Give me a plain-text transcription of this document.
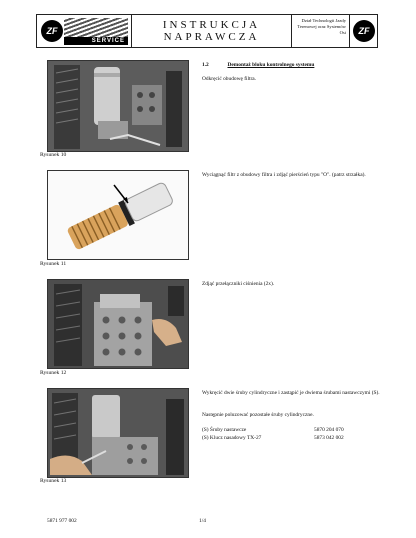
ZF
SERVICE
INSTRUKCJA
NAPRAWCZA
Dział Technologii Jazdy
Terenowej oraz Systemów
Osi ZF
Rysunek 10
1.2	Demontaż bloku kontrolnego systemu
Odkręcić obudowę filtra.
Rysunek 11
Wyciągnąć filtr z obudowy filtra i zdjąć pierścień typu "O". (patrz strzałka).
Rysunek 12
Zdjąć przełączniki ciśnienia (2x).
Rysunek 13
Wykręcić dwie śruby cylindryczne i zastąpić je dwiema śrubami nastawczymi (S).
Następnie poluzować pozostałe śruby cylindryczne.
(S) Śruby nastawcze	5870 204 070
(S) Klucz nasadowy TX-27	5873 042 002
5871 977 002	1/4
